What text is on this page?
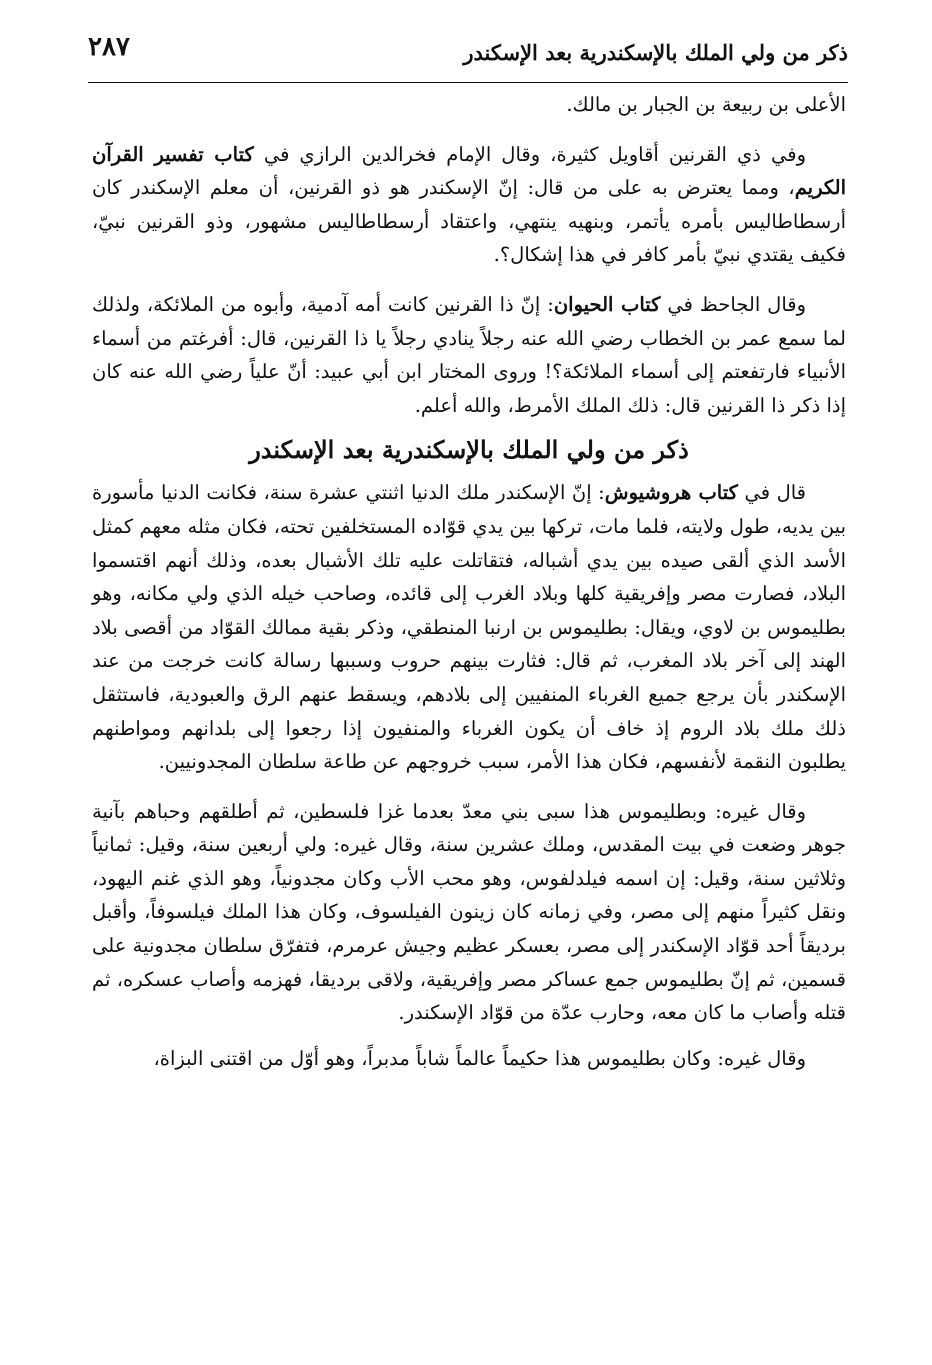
٢٨٧	ذكر من ولي الملك بالإسكندرية بعد الإسكندر

الأعلى بن ربيعة بن الجبار بن مالك.

وفي ذي القرنين أقاويل كثيرة، وقال الإمام فخرالدين الرازي في كتاب تفسير القرآن الكريم، ومما يعترض به على من قال: إنّ الإسكندر هو ذو القرنين، أن معلم الإسكندر كان أرسطاطاليس بأمره يأتمر، وبنهيه ينتهي، واعتقاد أرسطاطاليس مشهور، وذو القرنين نبيّ، فكيف يقتدي نبيّ بأمر كافر في هذا إشكال؟.

وقال الجاحظ في كتاب الحيوان: إنّ ذا القرنين كانت أمه آدمية، وأبوه من الملائكة، ولذلك لما سمع عمر بن الخطاب رضي الله عنه رجلاً ينادي رجلاً يا ذا القرنين، قال: أفرغتم من أسماء الأنبياء فارتفعتم إلى أسماء الملائكة؟! وروى المختار ابن أبي عبيد: أنّ علياً رضي الله عنه كان إذا ذكر ذا القرنين قال: ذلك الملك الأمرط، والله أعلم.

ذكر من ولي الملك بالإسكندرية بعد الإسكندر

قال في كتاب هروشيوش: إنّ الإسكندر ملك الدنيا اثنتي عشرة سنة، فكانت الدنيا مأسورة بين يديه، طول ولايته، فلما مات، تركها بين يدي قوّاده المستخلفين تحته، فكان مثله معهم كمثل الأسد الذي ألقى صيده بين يدي أشباله، فتقاتلت عليه تلك الأشبال بعده، وذلك أنهم اقتسموا البلاد، فصارت مصر وإفريقية كلها وبلاد الغرب إلى قائده، وصاحب خيله الذي ولي مكانه، وهو بطليموس بن لاوي، ويقال: بطليموس بن ارنبا المنطقي، وذكر بقية ممالك القوّاد من أقصى بلاد الهند إلى آخر بلاد المغرب، ثم قال: فثارت بينهم حروب وسببها رسالة كانت خرجت من عند الإسكندر بأن يرجع جميع الغرباء المنفيين إلى بلادهم، ويسقط عنهم الرق والعبودية، فاستثقل ذلك ملك بلاد الروم إذ خاف أن يكون الغرباء والمنفيون إذا رجعوا إلى بلدانهم ومواطنهم يطلبون النقمة لأنفسهم، فكان هذا الأمر، سبب خروجهم عن طاعة سلطان المجدونيين.

وقال غيره: وبطليموس هذا سبى بني معدّ بعدما غزا فلسطين، ثم أطلقهم وحباهم بآنية جوهر وضعت في بيت المقدس، وملك عشرين سنة، وقال غيره: ولي أربعين سنة، وقيل: ثمانياً وثلاثين سنة، وقيل: إن اسمه فيلدلفوس، وهو محب الأب وكان مجدونياً، وهو الذي غنم اليهود، ونقل كثيراً منهم إلى مصر، وفي زمانه كان زينون الفيلسوف، وكان هذا الملك فيلسوفاً، وأقبل برديقاً أحد قوّاد الإسكندر إلى مصر، بعسكر عظيم وجيش عرمرم، فتفرّق سلطان مجدونية على قسمين، ثم إنّ بطليموس جمع عساكر مصر وإفريقية، ولاقى برديقا، فهزمه وأصاب عسكره، ثم قتله وأصاب ما كان معه، وحارب عدّة من قوّاد الإسكندر.

وقال غيره: وكان بطليموس هذا حكيماً عالماً شاباً مدبراً، وهو أوّل من اقتنى البزاة،
